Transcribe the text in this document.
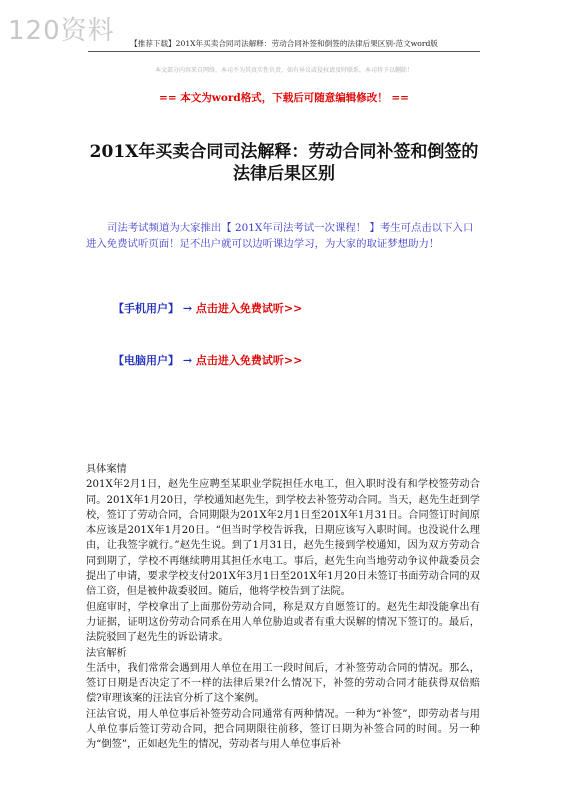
120资料	【推荐下载】201X年买卖合同司法解释：劳动合同补签和倒签的法律后果区别-范文word版
本文部分内容来自网络，本司不为其真实性负责，如有异议或侵权请及时联系，本司将予以删除！
== 本文为word格式，下载后可随意编辑修改！ ==
201X年买卖合同司法解释：劳动合同补签和倒签的
法律后果区别
司法考试频道为大家推出【 201X年司法考试一次课程！ 】考生可点击以下入口进入免费试听页面！足不出户就可以边听课边学习，为大家的取证梦想助力！
【手机用户】 → 点击进入免费试听>>
【电脑用户】 → 点击进入免费试听>>

具体案情

201X年2月1日，赵先生应聘至某职业学院担任水电工，但入职时没有和学校签劳动合同。201X年1月20日，学校通知赵先生，到学校去补签劳动合同。当天，赵先生赶到学校，签订了劳动合同，合同期限为201X年2月1日至201X年1月31日。合同签订时间原本应该是201X年1月20日。“但当时学校告诉我，日期应该写入职时间。也没说什么理由，让我签字就行。”赵先生说。到了1月31日，赵先生接到学校通知，因为双方劳动合同到期了，学校不再继续聘用其担任水电工。事后，赵先生向当地劳动争议仲裁委员会提出了申请，要求学校支付201X年3月1日至201X年1月20日未签订书面劳动合同的双倍工资，但是被仲裁委驳回。随后，他将学校告到了法院。

但庭审时，学校拿出了上面那份劳动合同，称是双方自愿签订的。赵先生却没能拿出有力证据，证明这份劳动合同系在用人单位胁迫或者有重大误解的情况下签订的。最后，法院驳回了赵先生的诉讼请求。

法官解析

生活中，我们常常会遇到用人单位在用工一段时间后，才补签劳动合同的情况。那么，签订日期是否决定了不一样的法律后果?什么情况下，补签的劳动合同才能获得双倍赔偿?审理该案的汪法官分析了这个案例。

汪法官说，用人单位事后补签劳动合同通常有两种情况。一种为“补签”，即劳动者与用人单位事后签订劳动合同，把合同期限往前移，签订日期为补签合同的时间。另一种为“倒签”，正如赵先生的情况，劳动者与用人单位事后补
